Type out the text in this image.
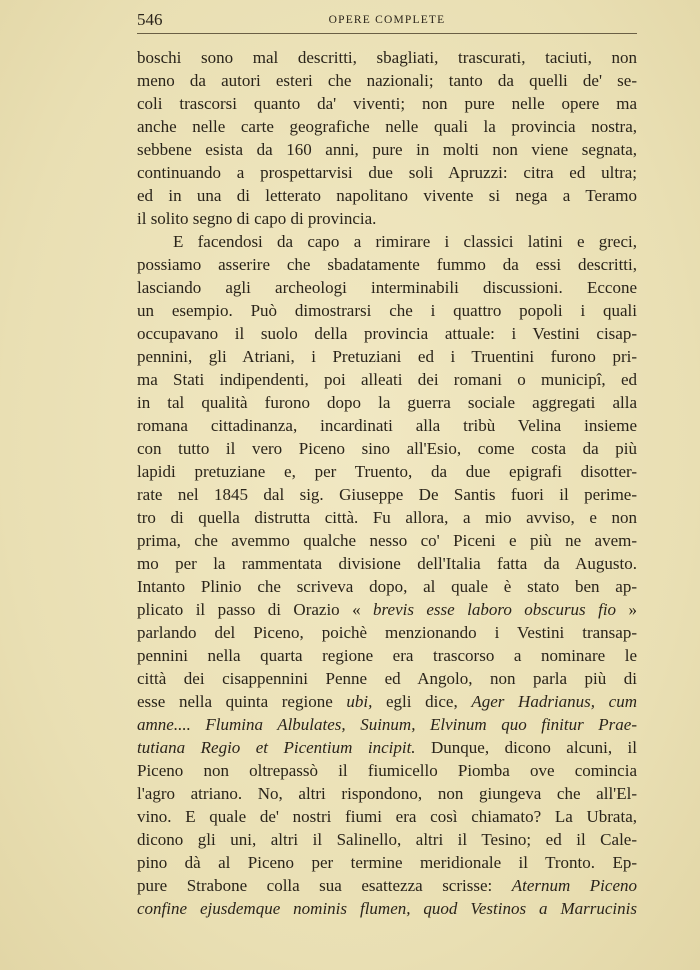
546	OPERE COMPLETE
boschi sono mal descritti, sbagliati, trascurati, taciuti, non
meno da autori esteri che nazionali; tanto da quelli de' se-
coli trascorsi quanto da' viventi; non pure nelle opere ma
anche nelle carte geografiche nelle quali la provincia nostra,
sebbene esista da 160 anni, pure in molti non viene segnata,
continuando a prospettarvisi due soli Apruzzi: citra ed ultra;
ed in una di letterato napolitano vivente si nega a Teramo
il solito segno di capo di provincia.
E facendosi da capo a rimirare i classici latini e greci,
possiamo asserire che sbadatamente fummo da essi descritti,
lasciando agli archeologi interminabili discussioni. Eccone
un esempio. Può dimostrarsi che i quattro popoli i quali
occupavano il suolo della provincia attuale: i Vestini cisap-
pennini, gli Atriani, i Pretuziani ed i Truentini furono pri-
ma Stati indipendenti, poi alleati dei romani o municipî, ed
in tal qualità furono dopo la guerra sociale aggregati alla
romana cittadinanza, incardinati alla tribù Velina insieme
con tutto il vero Piceno sino all'Esio, come costa da più
lapidi pretuziane e, per Truento, da due epigrafi disotter-
rate nel 1845 dal sig. Giuseppe De Santis fuori il perime-
tro di quella distrutta città. Fu allora, a mio avviso, e non
prima, che avemmo qualche nesso co' Piceni e più ne avem-
mo per la rammentata divisione dell'Italia fatta da Augusto.
Intanto Plinio che scriveva dopo, al quale è stato ben ap-
plicato il passo di Orazio « brevis esse laboro obscurus fio »
parlando del Piceno, poichè menzionando i Vestini transap-
pennini nella quarta regione era trascorso a nominare le
città dei cisappennini Penne ed Angolo, non parla più di
esse nella quinta regione ubi, egli dice, Ager Hadrianus, cum
amne.... Flumina Albulates, Suinum, Elvinum quo finitur Prae-
tutiana Regio et Picentium incipit. Dunque, dicono alcuni, il
Piceno non oltrepassò il fiumicello Piomba ove comincia
l'agro atriano. No, altri rispondono, non giungeva che all'El-
vino. E quale de' nostri fiumi era così chiamato? La Ubrata,
dicono gli uni, altri il Salinello, altri il Tesino; ed il Cale-
pino dà al Piceno per termine meridionale il Tronto. Ep-
pure Strabone colla sua esattezza scrisse: Aternum Piceno
confine ejusdemque nominis flumen, quod Vestinos a Marrucinis
